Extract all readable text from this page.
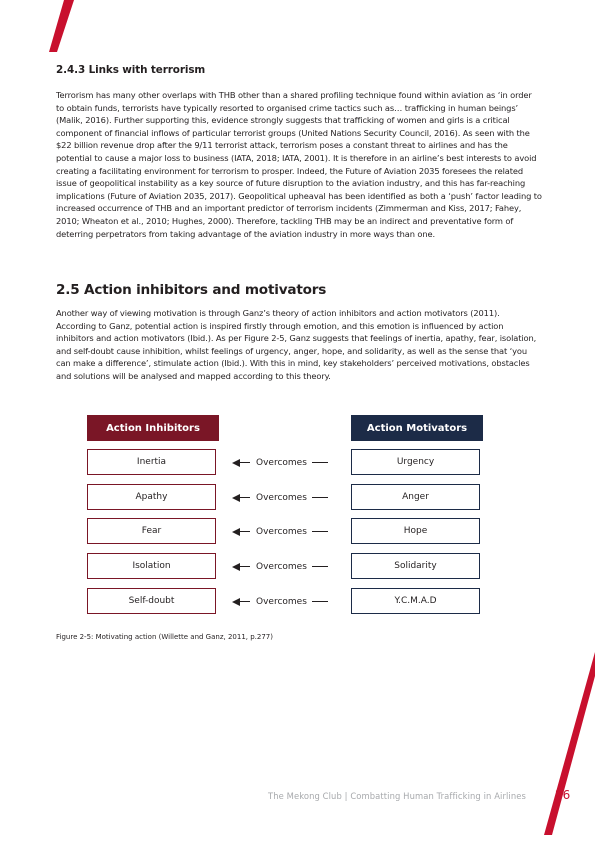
2.4.3 Links with terrorism

Terrorism has many other overlaps with THB other than a shared profiling technique found within aviation as ‘in order to obtain funds, terrorists have typically resorted to organised crime tactics such as… trafficking in human beings’ (Malik, 2016). Further supporting this, evidence strongly suggests that trafficking of women and girls is a critical component of financial inflows of particular terrorist groups (United Nations Security Council, 2016). As seen with the $22 billion revenue drop after the 9/11 terrorist attack, terrorism poses a constant threat to airlines and has the potential to cause a major loss to business (IATA, 2018; IATA, 2001). It is therefore in an airline’s best interests to avoid creating a facilitating environment for terrorism to prosper. Indeed, the Future of Aviation 2035 foresees the related issue of geopolitical instability as a key source of future disruption to the aviation industry, and this has far-reaching implications (Future of Aviation 2035, 2017). Geopolitical upheaval has been identified as both a ‘push’ factor leading to increased occurrence of THB and an important predictor of terrorism incidents (Zimmerman and Kiss, 2017; Fahey, 2010; Wheaton et al., 2010; Hughes, 2000). Therefore, tackling THB may be an indirect and preventative form of deterring perpetrators from taking advantage of the aviation industry in more ways than one.

2.5 Action inhibitors and motivators

Another way of viewing motivation is through Ganz’s theory of action inhibitors and action motivators (2011). According to Ganz, potential action is inspired firstly through emotion, and this emotion is influenced by action inhibitors and action motivators (Ibid.). As per Figure 2-5, Ganz suggests that feelings of inertia, apathy, fear, isolation, and self-doubt cause inhibition, whilst feelings of urgency, anger, hope, and solidarity, as well as the sense that ‘you can make a difference’, stimulate action (Ibid.). With this in mind, key stakeholders’ perceived motivations, obstacles and solutions will be analysed and mapped according to this theory.

Action Inhibitors	Action Motivators
Inertia	Overcomes	Urgency
Apathy	Overcomes	Anger
Fear	Overcomes	Hope
Isolation	Overcomes	Solidarity
Self-doubt	Overcomes	Y.C.M.A.D
Figure 2-5: Motivating action (Willette and Ganz, 2011, p.277)
The Mekong Club | Combatting Human Trafficking in Airlines 26
